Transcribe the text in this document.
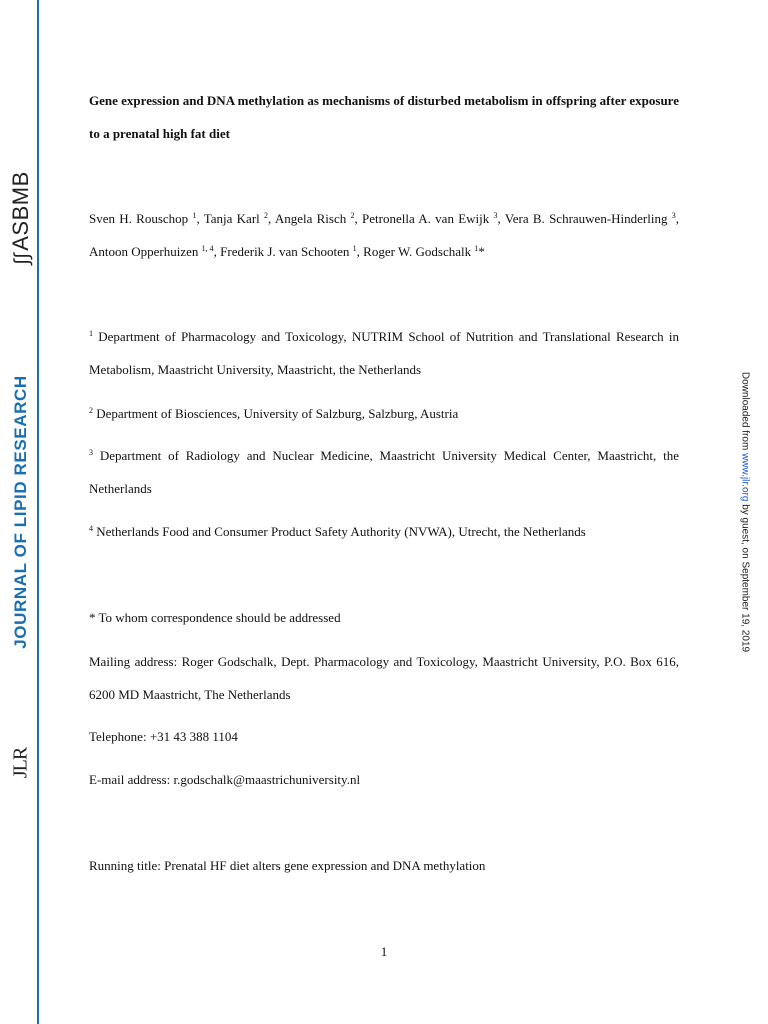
∫∫ASBMB
JOURNAL OF LIPID RESEARCH
JLR
Downloaded from www.jlr.org by guest, on September 19, 2019

Gene expression and DNA methylation as mechanisms of disturbed metabolism in offspring after exposure to a prenatal high fat diet

Sven H. Rouschop $^1$, Tanja Karl $^2$, Angela Risch $^2$, Petronella A. van Ewijk $^3$, Vera B. Schrauwen-Hinderling $^3$, Antoon Opperhuizen $^{1, 4}$, Frederik J. van Schooten $^1$, Roger W. Godschalk $^1$*

$^1$ Department of Pharmacology and Toxicology, NUTRIM School of Nutrition and Translational Research in Metabolism, Maastricht University, Maastricht, the Netherlands

$^2$ Department of Biosciences, University of Salzburg, Salzburg, Austria

$^3$ Department of Radiology and Nuclear Medicine, Maastricht University Medical Center, Maastricht, the Netherlands

$^4$ Netherlands Food and Consumer Product Safety Authority (NVWA), Utrecht, the Netherlands

* To whom correspondence should be addressed

Mailing address: Roger Godschalk, Dept. Pharmacology and Toxicology, Maastricht University, P.O. Box 616, 6200 MD Maastricht, The Netherlands

Telephone: +31 43 388 1104

E-mail address: r.godschalk@maastrichuniversity.nl

Running title: Prenatal HF diet alters gene expression and DNA methylation

1
